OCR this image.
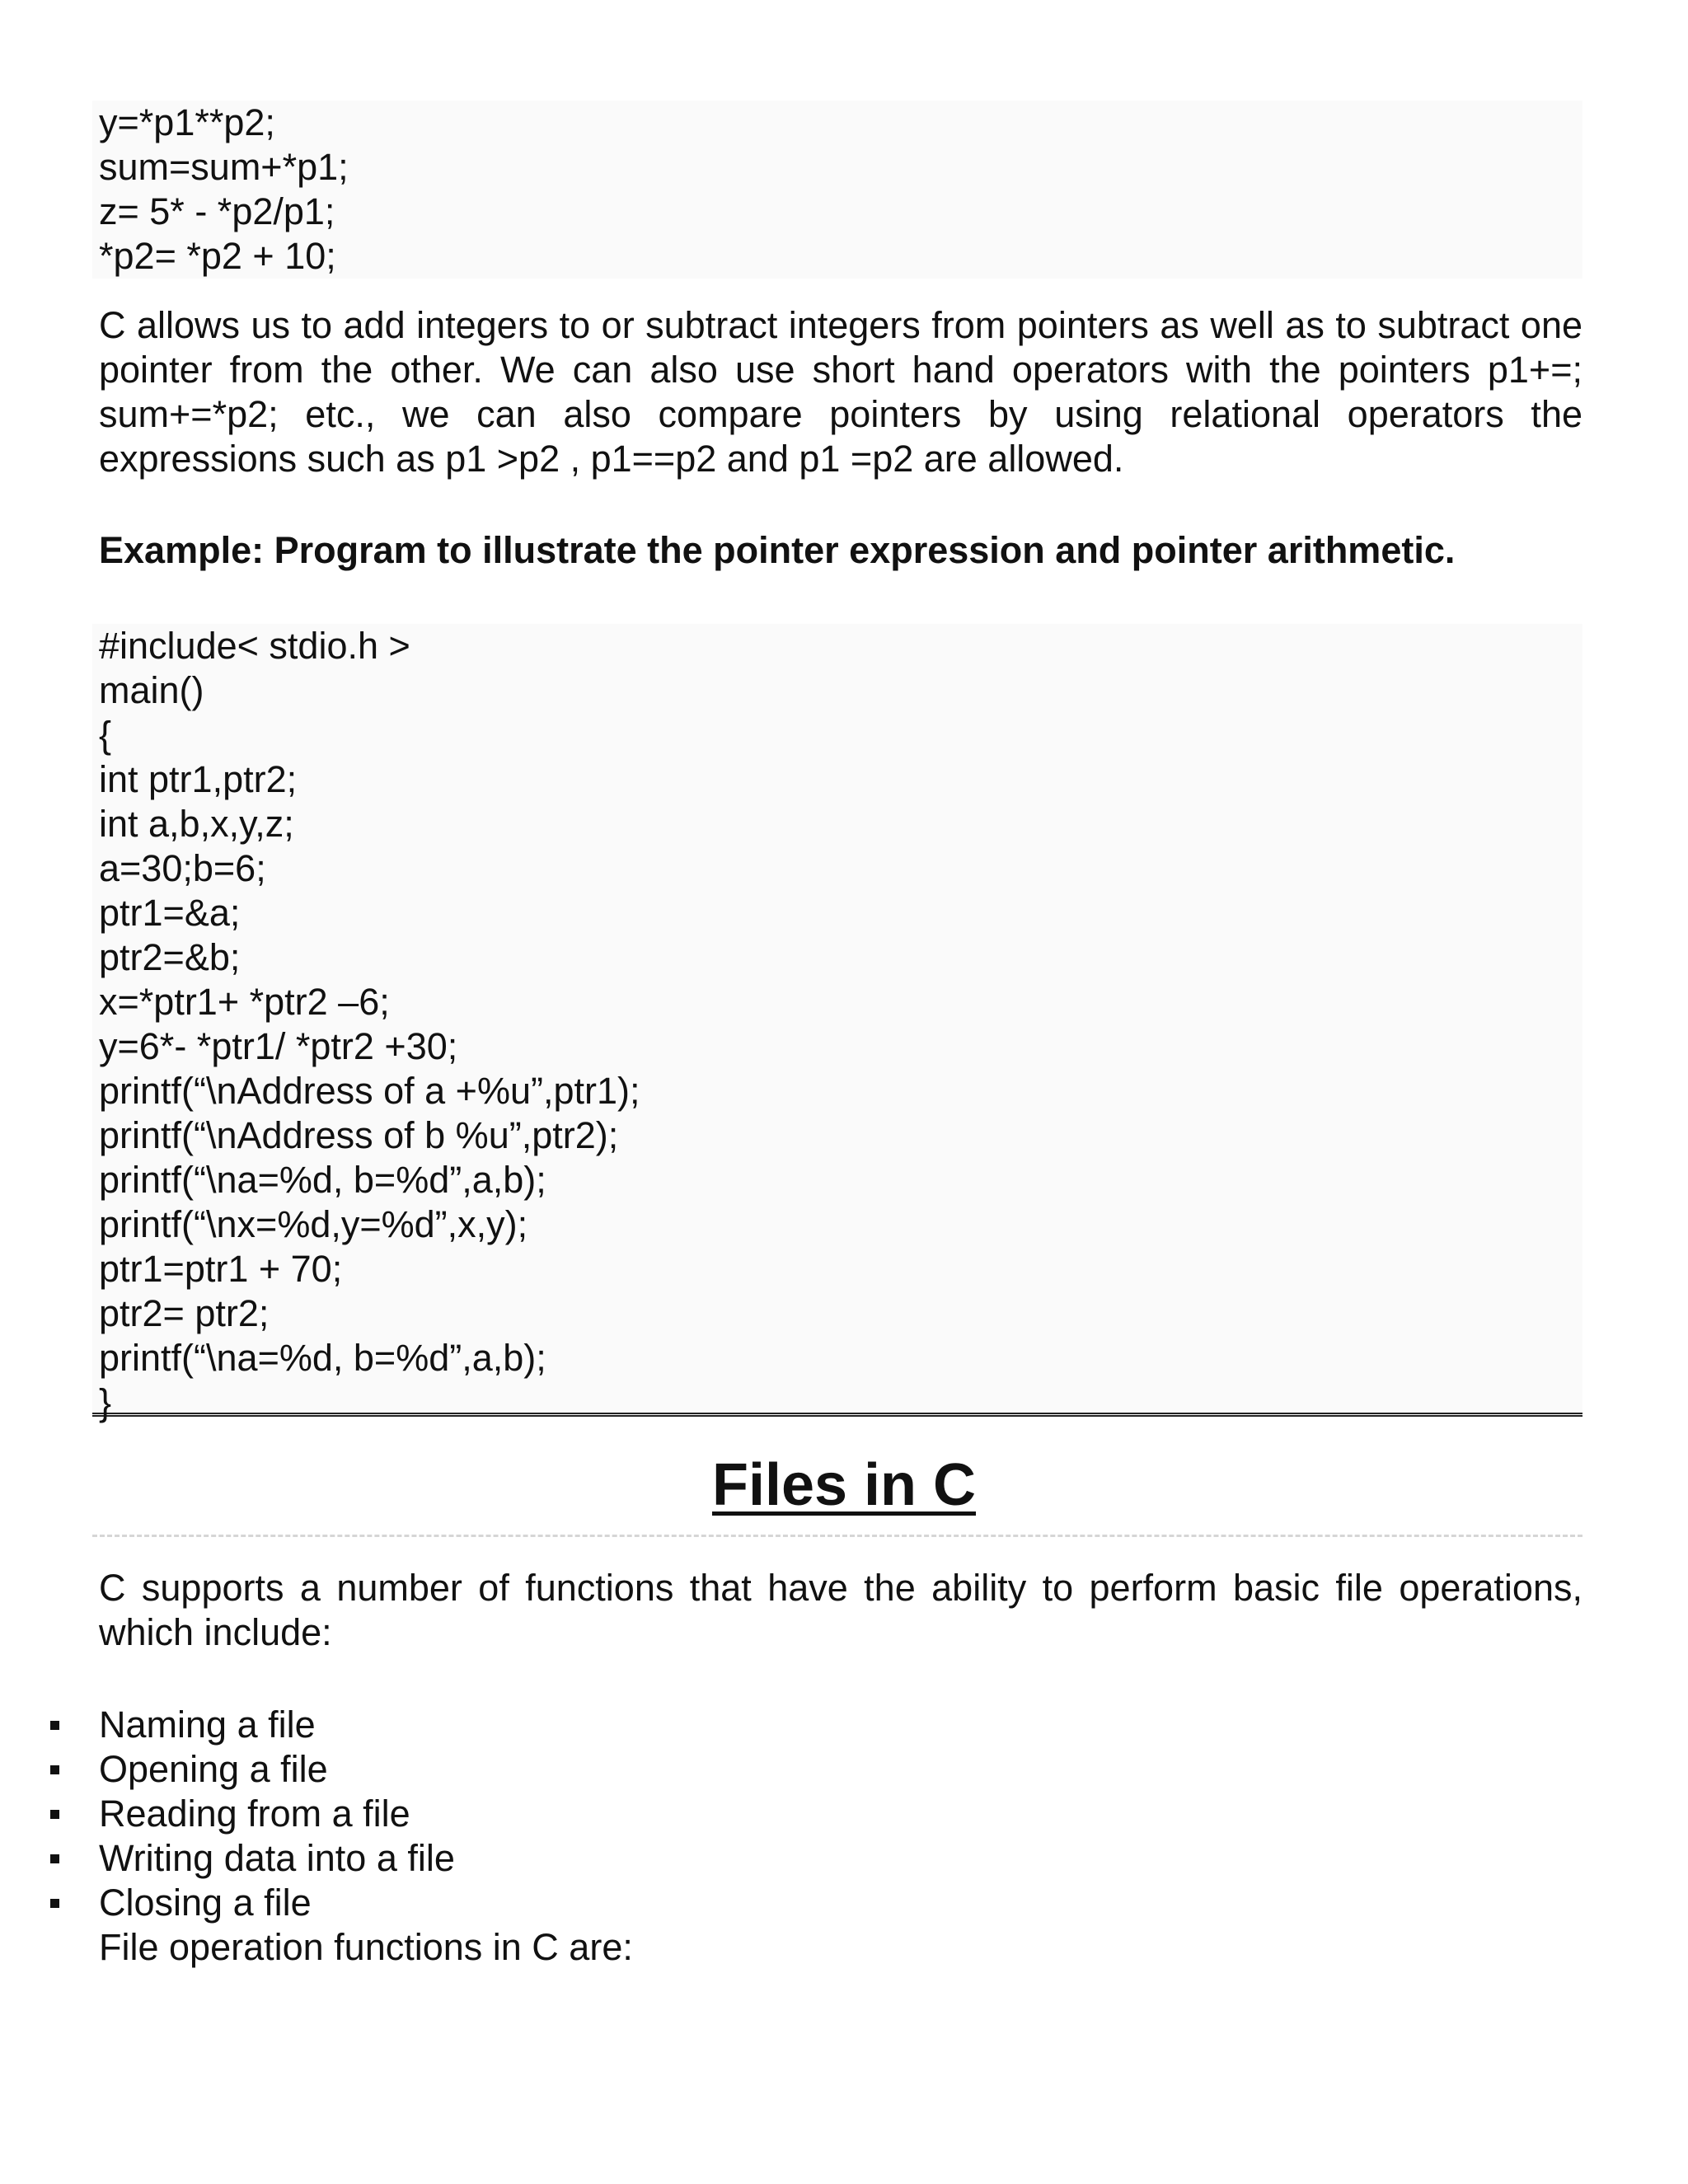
y=*p1**p2;
sum=sum+*p1;
z= 5* - *p2/p1;
*p2= *p2 + 10;

C allows us to add integers to or subtract integers from pointers as well as to subtract one pointer from the other. We can also use short hand operators with the pointers p1+=; sum+=*p2; etc., we can also compare pointers by using relational operators the expressions such as p1 >p2 , p1==p2 and p1 =p2 are allowed.

Example: Program to illustrate the pointer expression and pointer arithmetic.

#include< stdio.h >
main()
{
int ptr1,ptr2;
int a,b,x,y,z;
a=30;b=6;
ptr1=&a;
ptr2=&b;
x=*ptr1+ *ptr2 –6;
y=6*- *ptr1/ *ptr2 +30;
printf(“\nAddress of a +%u”,ptr1);
printf(“\nAddress of b %u”,ptr2);
printf(“\na=%d, b=%d”,a,b);
printf(“\nx=%d,y=%d”,x,y);
ptr1=ptr1 + 70;
ptr2= ptr2;
printf(“\na=%d, b=%d”,a,b);
}
Files in C

C supports a number of functions that have the ability to perform basic file operations, which include:

Naming a file
Opening a file
Reading from a file
Writing data into a file
Closing a file

File operation functions in C are:
